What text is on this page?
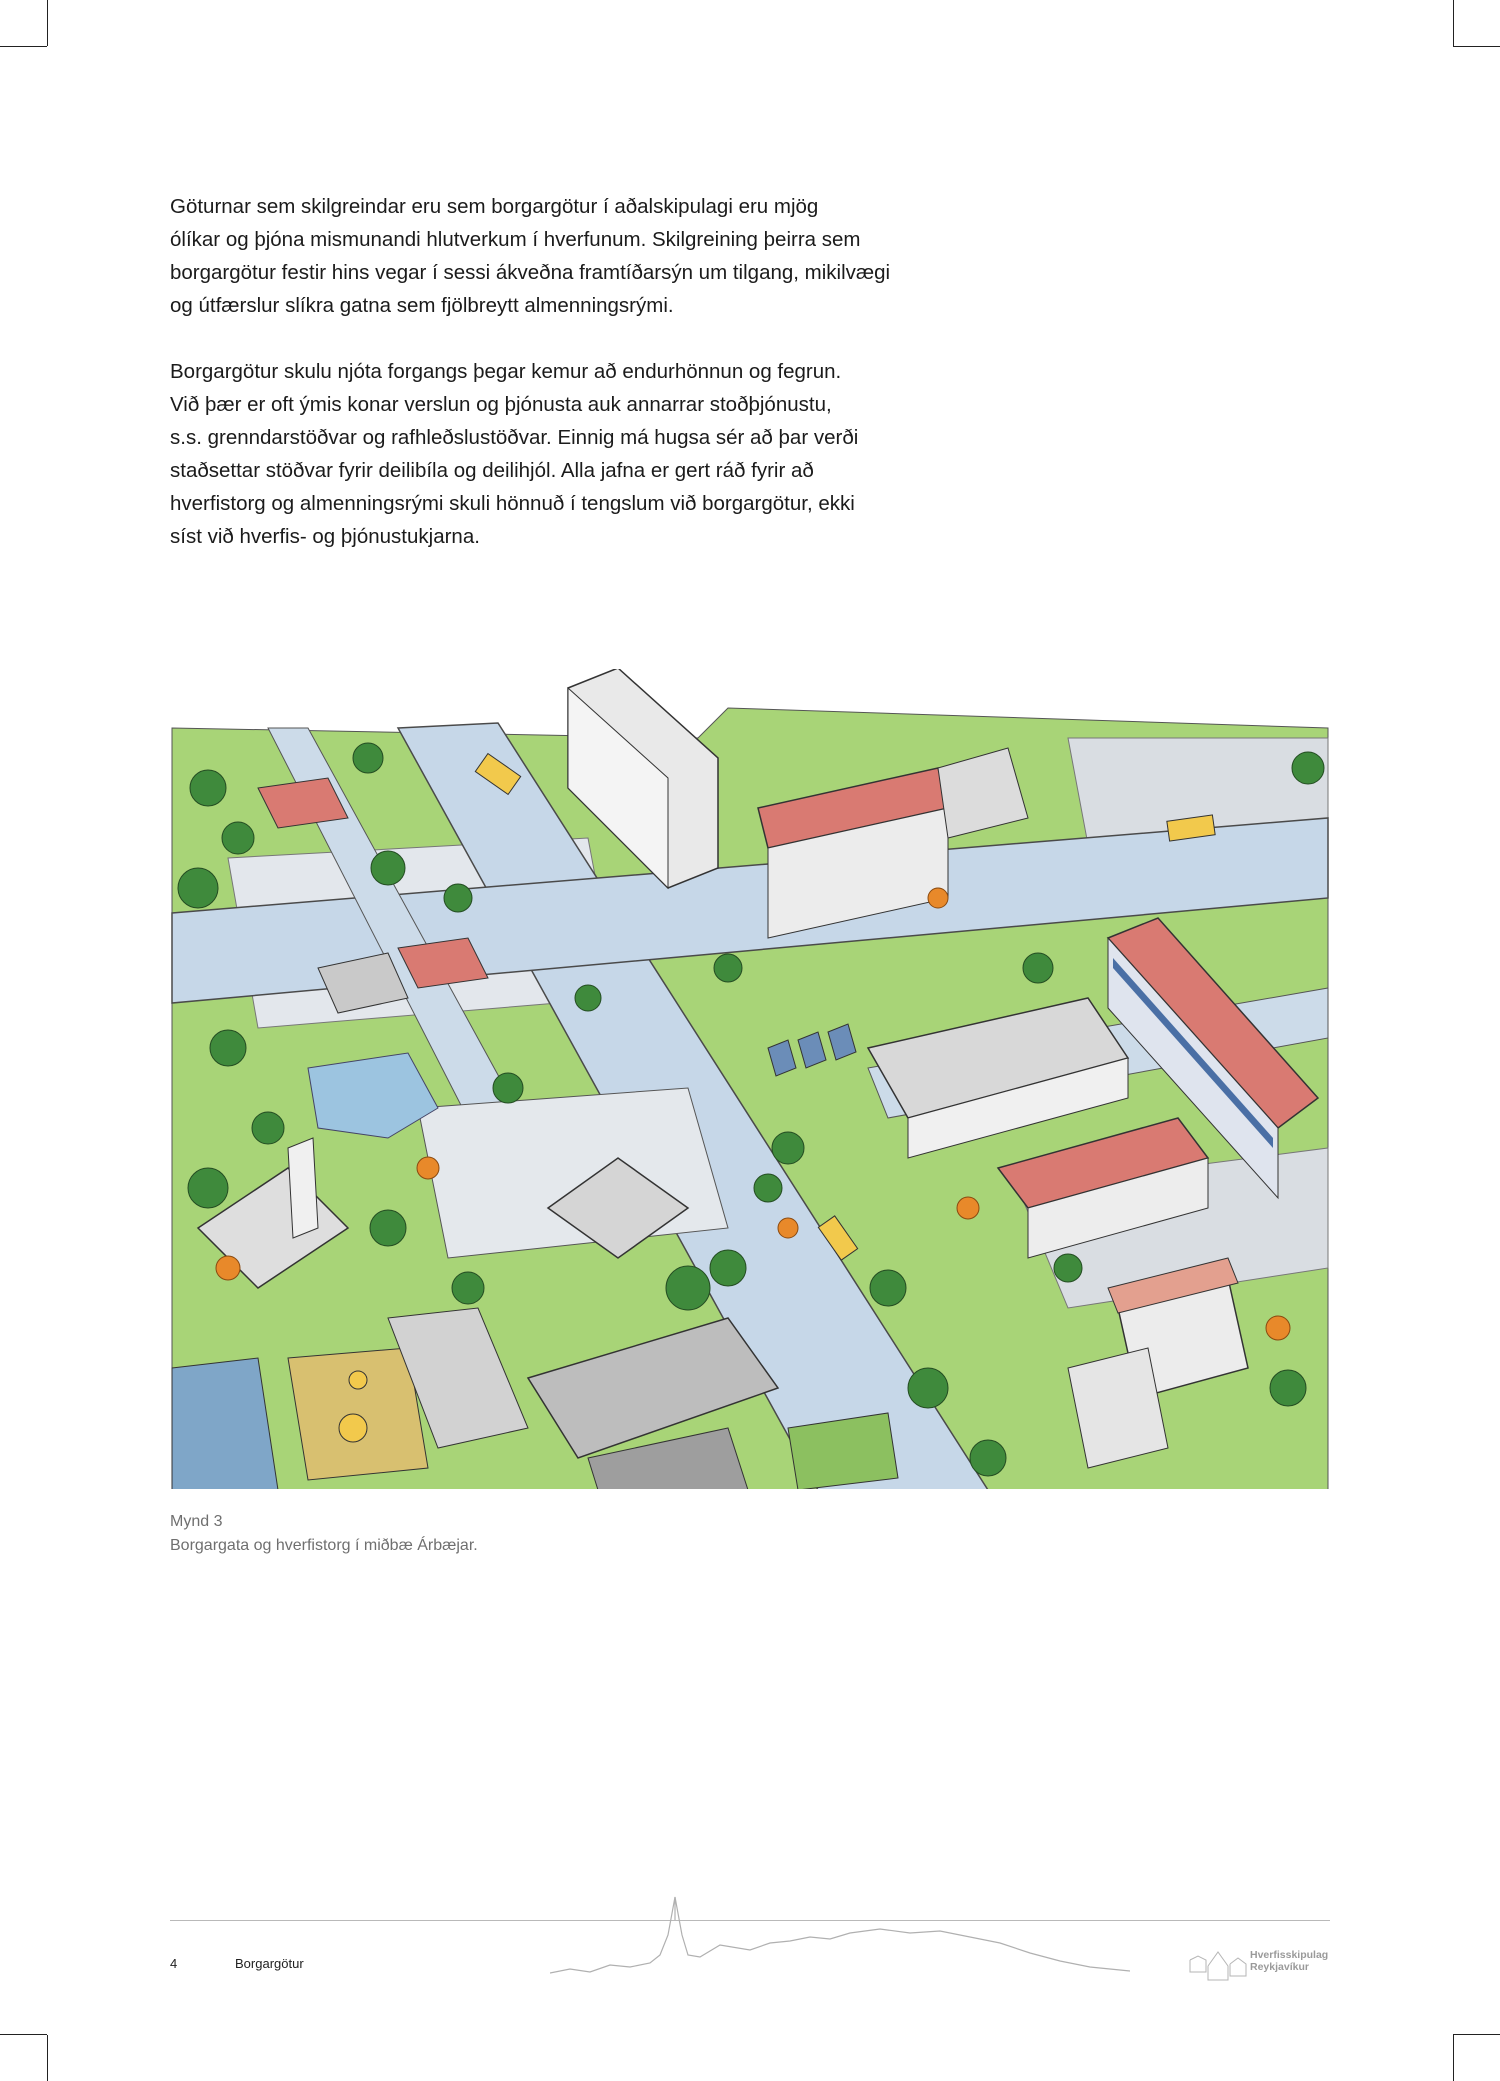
Göturnar sem skilgreindar eru sem borgargötur í aðalskipulagi eru mjög
ólíkar og þjóna mismunandi hlutverkum í hverfunum. Skilgreining þeirra sem
borgargötur festir hins vegar í sessi ákveðna framtíðarsýn um tilgang, mikilvægi
og útfærslur slíkra gatna sem fjölbreytt almenningsrými.

Borgargötur skulu njóta forgangs þegar kemur að endurhönnun og fegrun.
Við þær er oft ýmis konar verslun og þjónusta auk annarrar stoðþjónustu,
s.s. grenndarstöðvar og rafhleðslustöðvar. Einnig má hugsa sér að þar verði
staðsettar stöðvar fyrir deilibíla og deilihjól. Alla jafna er gert ráð fyrir að
hverfistorg og almenningsrými skuli hönnuð í tengslum við borgargötur, ekki
síst við hverfis- og þjónustukjarna.

Mynd 3
Borgargata og hverfistorg í miðbæ Árbæjar.
4	Borgargötur
Hverfisskipulag
Reykjavíkur
